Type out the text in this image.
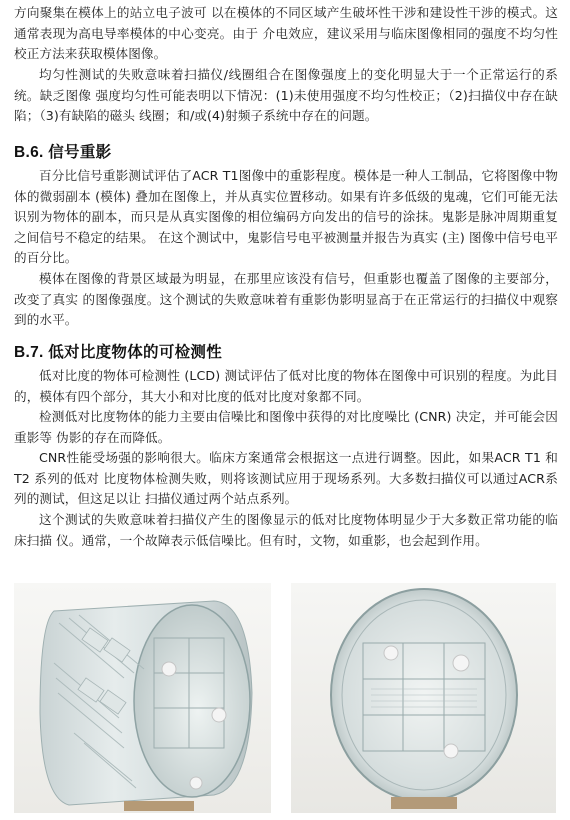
方向聚集在模体上的站立电子波可 以在模体的不同区域产生破坏性干涉和建设性干涉的模式。这通常表现为高电导率模体的中心变亮。由于 介电效应，建议采用与临床图像相同的强度不均匀性校正方法来获取模体图像。

均匀性测试的失败意味着扫描仪/线圈组合在图像强度上的变化明显大于一个正常运行的系统。缺乏图像 强度均匀性可能表明以下情况：(1)未使用强度不均匀性校正；（2)扫描仪中存在缺陷；（3)有缺陷的磁头 线圈；和/或(4)射频子系统中存在的问题。

B.6. 信号重影

百分比信号重影测试评估了ACR T1图像中的重影程度。模体是一种人工制品，它将图像中物体的微弱副本 (模体) 叠加在图像上，并从真实位置移动。如果有许多低级的鬼魂，它们可能无法识别为物体的副本，而只是从真实图像的相位编码方向发出的信号的涂抹。鬼影是脉冲周期重复之间信号不稳定的结果。 在这个测试中，鬼影信号电平被测量并报告为真实 (主) 图像中信号电平的百分比。

模体在图像的背景区域最为明显，在那里应该没有信号，但重影也覆盖了图像的主要部分，改变了真实 的图像强度。这个测试的失败意味着有重影伪影明显高于在正常运行的扫描仪中观察到的水平。

B.7. 低对比度物体的可检测性

低对比度的物体可检测性 (LCD) 测试评估了低对比度的物体在图像中可识别的程度。为此目的，模体有四个部分，其大小和对比度的低对比度对象都不同。

检测低对比度物体的能力主要由信噪比和图像中获得的对比度噪比 (CNR) 决定，并可能会因重影等 伪影的存在而降低。

CNR性能受场强的影响很大。临床方案通常会根据这一点进行调整。因此，如果ACR T1 和 T2 系列的低对 比度物体检测失败，则将该测试应用于现场系列。大多数扫描仪可以通过ACR系列的测试，但这足以让 扫描仪通过两个站点系列。

这个测试的失败意味着扫描仪产生的图像显示的低对比度物体明显少于大多数正常功能的临床扫描 仪。通常，一个故障表示低信噪比。但有时，文物，如重影，也会起到作用。
